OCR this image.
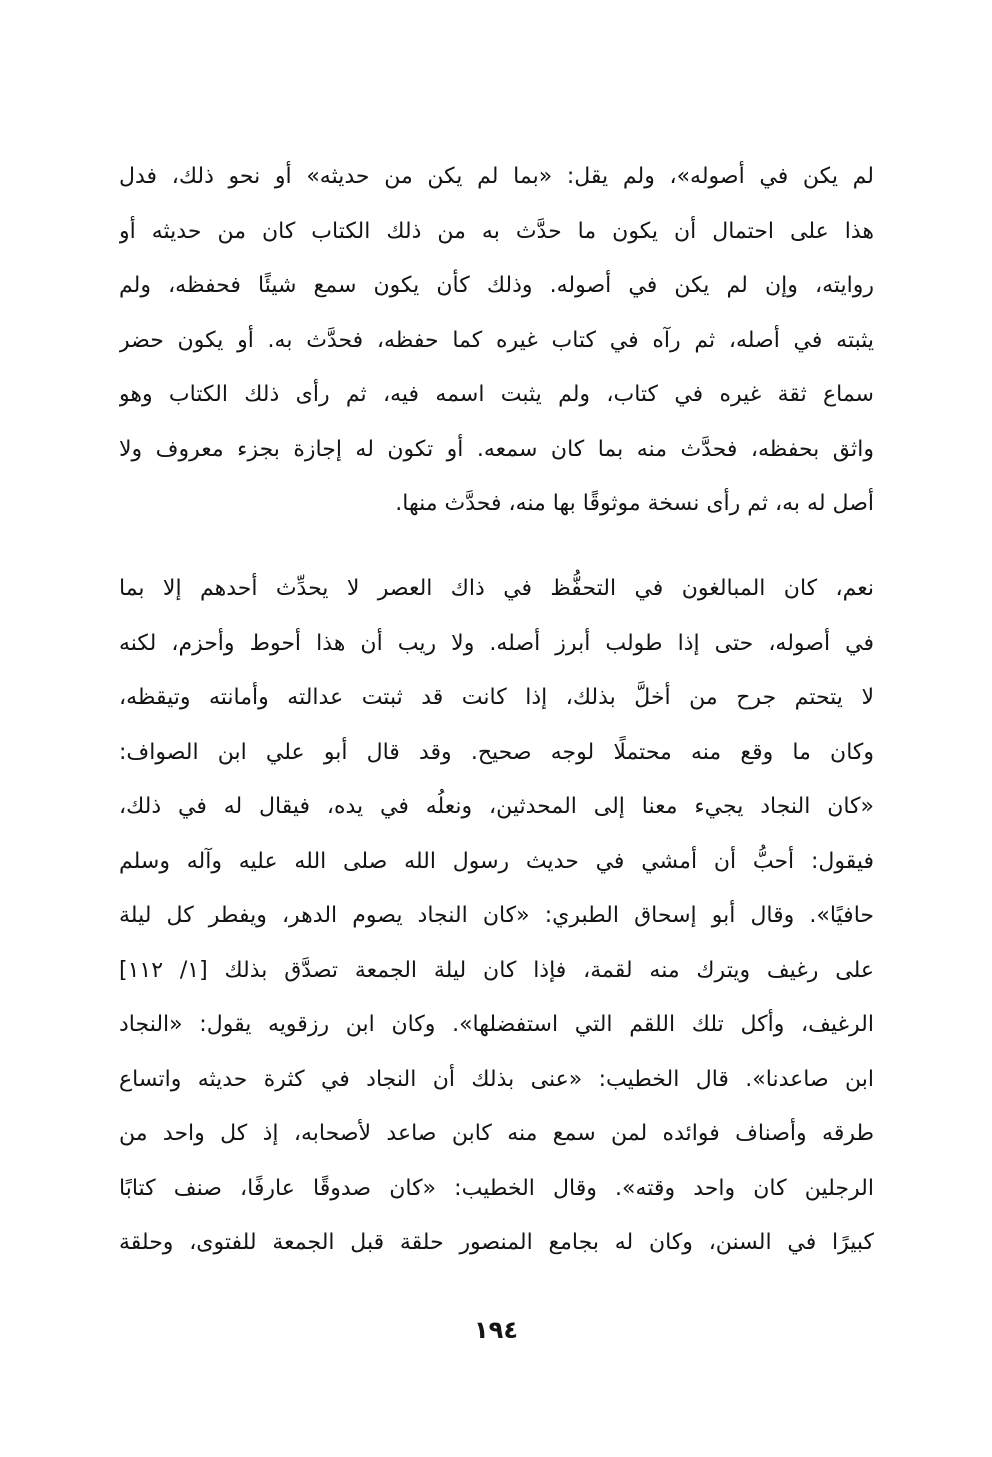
لم يكن في أصوله»، ولم يقل: «بما لم يكن من حديثه» أو نحو ذلك، فدل
هذا على احتمال أن يكون ما حدَّث به من ذلك الكتاب كان من حديثه أو
روايته، وإن لم يكن في أصوله. وذلك كأن يكون سمع شيئًا فحفظه، ولم
يثبته في أصله، ثم رآه في كتاب غيره كما حفظه، فحدَّث به. أو يكون حضر
سماع ثقة غيره في كتاب، ولم يثبت اسمه فيه، ثم رأى ذلك الكتاب وهو
واثق بحفظه، فحدَّث منه بما كان سمعه. أو تكون له إجازة بجزء معروف ولا
أصل له به، ثم رأى نسخة موثوقًا بها منه، فحدَّث منها.
نعم، كان المبالغون في التحفُّظ في ذاك العصر لا يحدِّث أحدهم إلا بما
في أصوله، حتى إذا طولب أبرز أصله. ولا ريب أن هذا أحوط وأحزم، لكنه
لا يتحتم جرح من أخلَّ بذلك، إذا كانت قد ثبتت عدالته وأمانته وتيقظه،
وكان ما وقع منه محتملًا لوجه صحيح. وقد قال أبو علي ابن الصواف:
«كان النجاد يجيء معنا إلى المحدثين، ونعلُه في يده، فيقال له في ذلك،
فيقول: أحبُّ أن أمشي في حديث رسول الله صلى الله عليه وآله وسلم
حافيًا». وقال أبو إسحاق الطبري: «كان النجاد يصوم الدهر، ويفطر كل ليلة
على رغيف ويترك منه لقمة، فإذا كان ليلة الجمعة تصدَّق بذلك [١/ ١١٢]
الرغيف، وأكل تلك اللقم التي استفضلها». وكان ابن رزقويه يقول: «النجاد
ابن صاعدنا». قال الخطيب: «عنى بذلك أن النجاد في كثرة حديثه واتساع
طرقه وأصناف فوائده لمن سمع منه كابن صاعد لأصحابه، إذ كل واحد من
الرجلين كان واحد وقته». وقال الخطيب: «كان صدوقًا عارفًا، صنف كتابًا
كبيرًا في السنن، وكان له بجامع المنصور حلقة قبل الجمعة للفتوى، وحلقة
١٩٤
